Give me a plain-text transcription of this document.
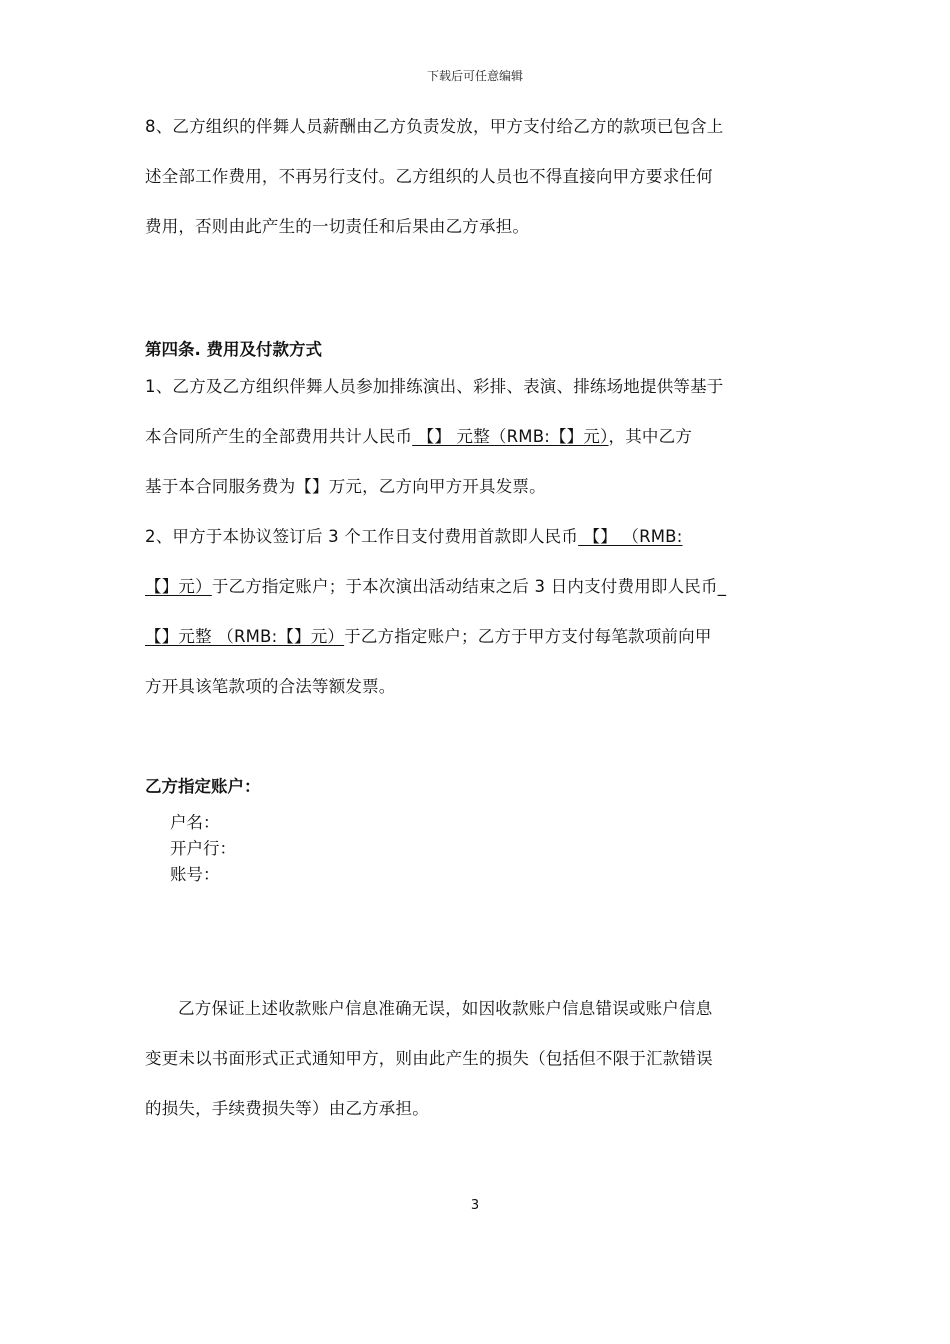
下载后可任意编辑

8、乙方组织的伴舞人员薪酬由乙方负责发放，甲方支付给乙方的款项已包含上

述全部工作费用，不再另行支付。乙方组织的人员也不得直接向甲方要求任何

费用，否则由此产生的一切责任和后果由乙方承担。

第四条. 费用及付款方式

1、乙方及乙方组织伴舞人员参加排练演出、彩排、表演、排练场地提供等基于

本合同所产生的全部费用共计人民币 【】 元整（RMB:【】元），其中乙方

基于本合同服务费为【】万元，乙方向甲方开具发票。

2、甲方于本协议签订后 3 个工作日支付费用首款即人民币 【】 （RMB:

【】元）于乙方指定账户；于本次演出活动结束之后 3 日内支付费用即人民币_

【】元整 （RMB:【】元）于乙方指定账户；乙方于甲方支付每笔款项前向甲

方开具该笔款项的合法等额发票。

乙方指定账户：
户名：
开户行：
账号：

乙方保证上述收款账户信息准确无误，如因收款账户信息错误或账户信息

变更未以书面形式正式通知甲方，则由此产生的损失（包括但不限于汇款错误

的损失，手续费损失等）由乙方承担。

3
